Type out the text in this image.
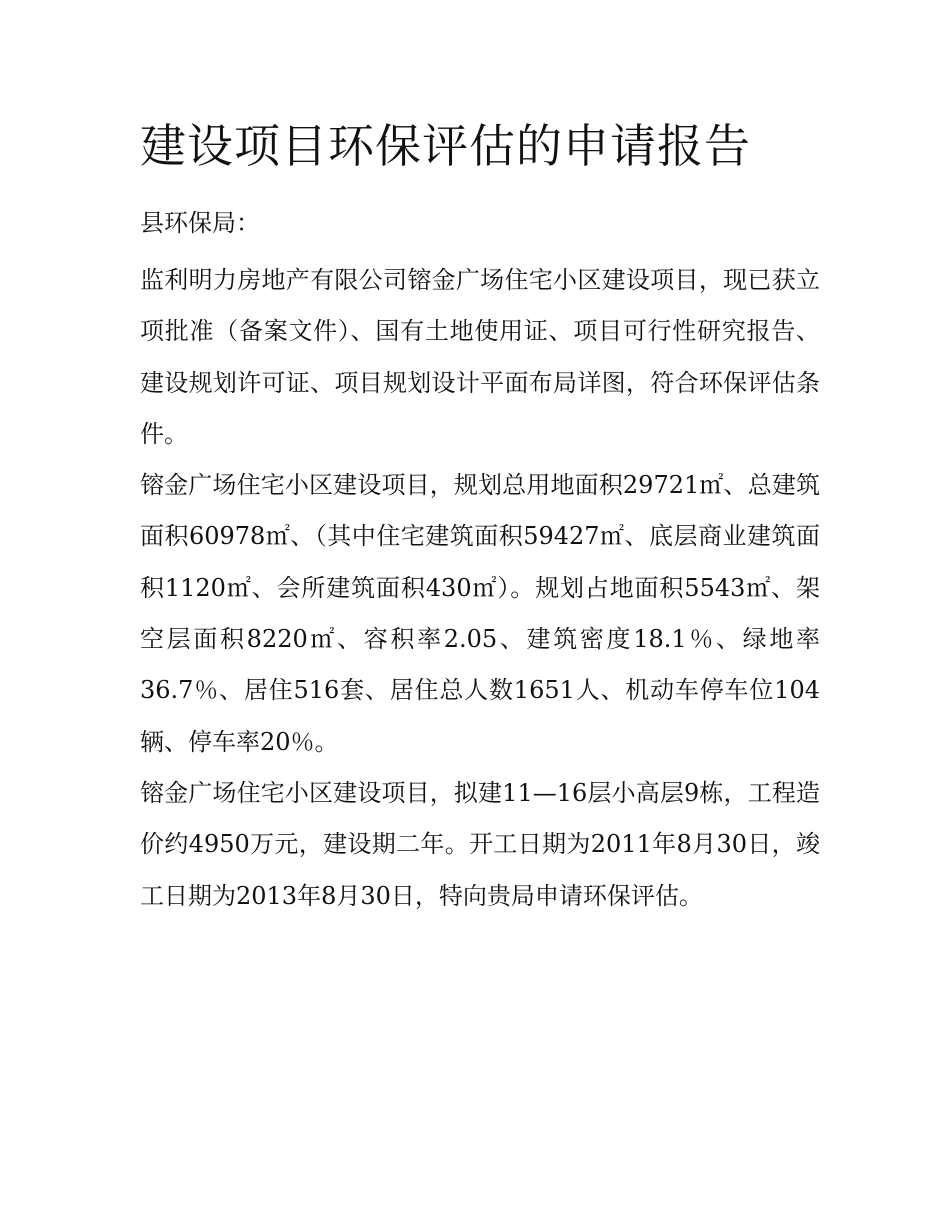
建设项目环保评估的申请报告

县环保局：

监利明力房地产有限公司镕金广场住宅小区建设项目，现已获立项批准（备案文件）、国有土地使用证、项目可行性研究报告、建设规划许可证、项目规划设计平面布局详图，符合环保评估条件。

镕金广场住宅小区建设项目，规划总用地面积29721㎡、总建筑面积60978㎡、（其中住宅建筑面积59427㎡、底层商业建筑面积1120㎡、会所建筑面积430㎡）。规划占地面积5543㎡、架空层面积8220㎡、容积率2.05、建筑密度18.1％、绿地率36.7％、居住516套、居住总人数1651人、机动车停车位104辆、停车率20％。

镕金广场住宅小区建设项目，拟建11—16层小高层9栋，工程造价约4950万元，建设期二年。开工日期为2011年8月30日，竣工日期为2013年8月30日，特向贵局申请环保评估。
